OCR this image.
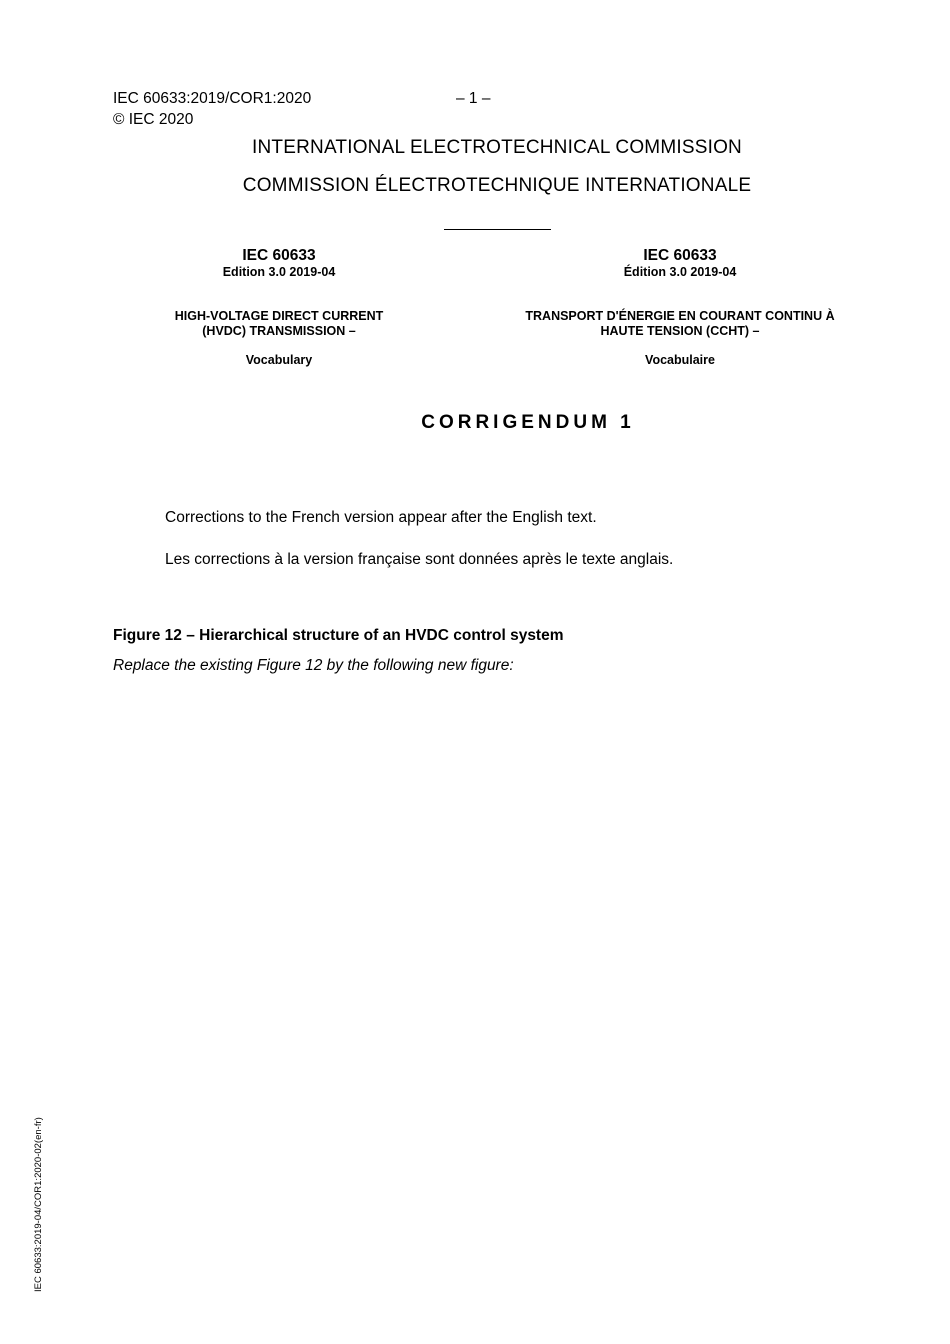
IEC 60633:2019/COR1:2020	– 1 –
© IEC 2020
INTERNATIONAL ELECTROTECHNICAL COMMISSION
COMMISSION ÉLECTROTECHNIQUE INTERNATIONALE
IEC 60633
Edition 3.0 2019-04
HIGH-VOLTAGE DIRECT CURRENT
(HVDC) TRANSMISSION –
Vocabulary
IEC 60633
Édition 3.0 2019-04
TRANSPORT D'ÉNERGIE EN COURANT CONTINU À
HAUTE TENSION (CCHT) –
Vocabulaire
CORRIGENDUM 1
Corrections to the French version appear after the English text.
Les corrections à la version française sont données après le texte anglais.
Figure 12 – Hierarchical structure of an HVDC control system
Replace the existing Figure 12 by the following new figure:
IEC 60633:2019-04/COR1:2020-02(en-fr)
